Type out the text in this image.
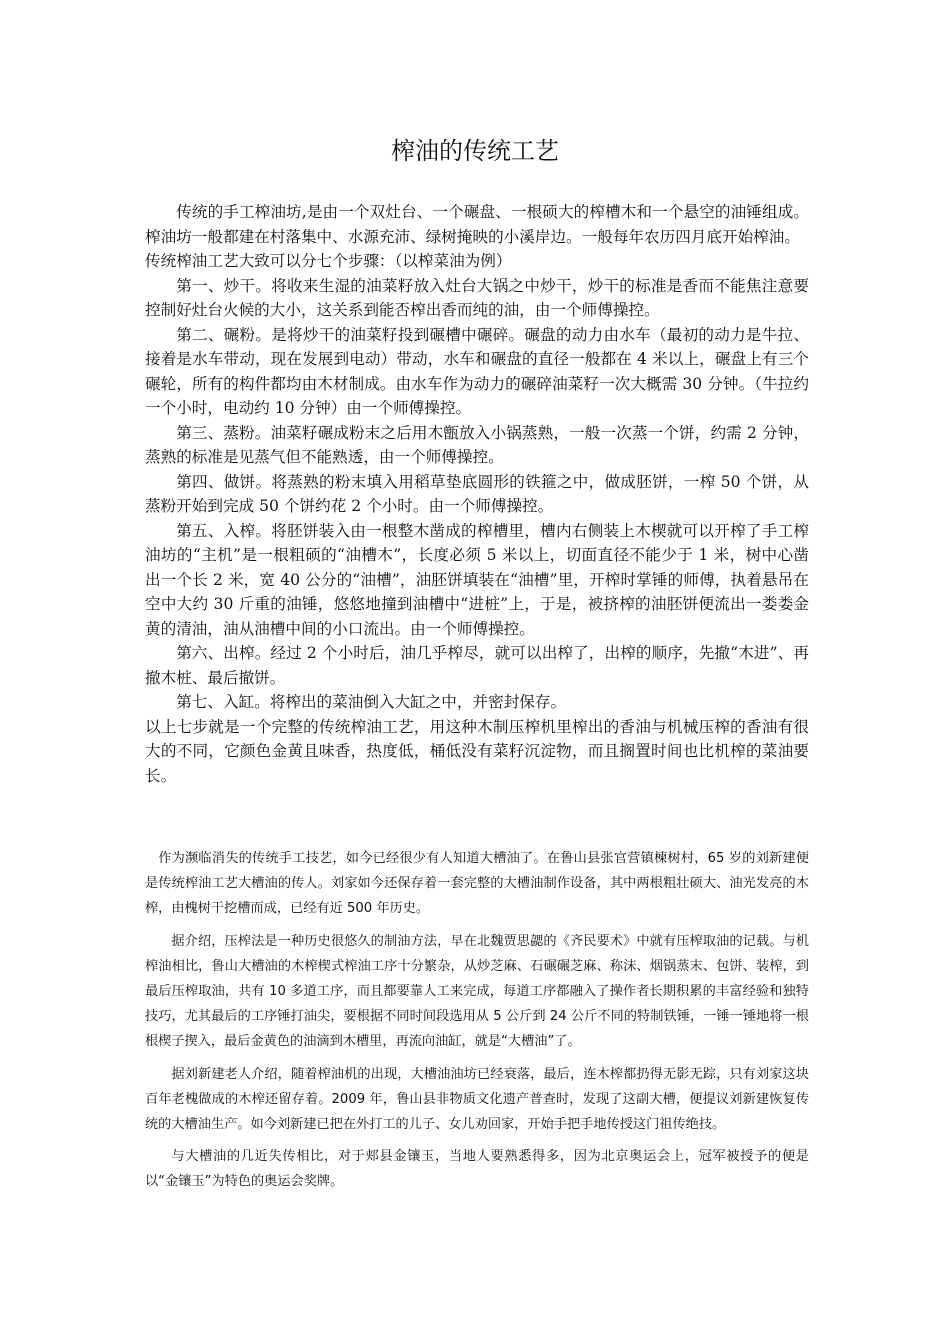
榨油的传统工艺

传统的手工榨油坊,是由一个双灶台、一个碾盘、一根硕大的榨槽木和一个悬空的油锤组成。榨油坊一般都建在村落集中、水源充沛、绿树掩映的小溪岸边。一般每年农历四月底开始榨油。

传统榨油工艺大致可以分七个步骤：（以榨菜油为例）

第一、炒干。将收来生湿的油菜籽放入灶台大锅之中炒干，炒干的标准是香而不能焦注意要控制好灶台火候的大小，这关系到能否榨出香而纯的油，由一个师傅操控。

第二、碾粉。是将炒干的油菜籽投到碾槽中碾碎。碾盘的动力由水车（最初的动力是牛拉、接着是水车带动，现在发展到电动）带动，水车和碾盘的直径一般都在 4 米以上，碾盘上有三个碾轮，所有的构件都均由木材制成。由水车作为动力的碾碎油菜籽一次大概需 30 分钟。（牛拉约一个小时，电动约 10 分钟）由一个师傅操控。

第三、蒸粉。油菜籽碾成粉末之后用木甑放入小锅蒸熟，一般一次蒸一个饼，约需 2 分钟，蒸熟的标准是见蒸气但不能熟透，由一个师傅操控。

第四、做饼。将蒸熟的粉末填入用稻草垫底圆形的铁箍之中，做成胚饼，一榨 50 个饼，从蒸粉开始到完成 50 个饼约花 2 个小时。由一个师傅操控。

第五、入榨。将胚饼装入由一根整木凿成的榨槽里，槽内右侧装上木楔就可以开榨了手工榨油坊的“主机”是一根粗硕的“油槽木”，长度必须 5 米以上，切面直径不能少于 1 米，树中心凿出一个长 2 米，宽 40 公分的“油槽”，油胚饼填装在“油槽”里，开榨时掌锤的师傅，执着悬吊在空中大约 30 斤重的油锤，悠悠地撞到油槽中“进桩”上，于是，被挤榨的油胚饼便流出一娄娄金黄的清油，油从油槽中间的小口流出。由一个师傅操控。

第六、出榨。经过 2 个小时后，油几乎榨尽，就可以出榨了，出榨的顺序，先撤“木进”、再撤木桩、最后撤饼。

第七、入缸。将榨出的菜油倒入大缸之中，并密封保存。

以上七步就是一个完整的传统榨油工艺，用这种木制压榨机里榨出的香油与机械压榨的香油有很大的不同，它颜色金黄且味香，热度低，桶低没有菜籽沉淀物，而且搁置时间也比机榨的菜油要长。

作为濒临消失的传统手工技艺，如今已经很少有人知道大槽油了。在鲁山县张官营镇楝树村，65 岁的刘新建便是传统榨油工艺大槽油的传人。刘家如今还保存着一套完整的大槽油制作设备，其中两根粗壮硕大、油光发亮的木榨，由槐树干挖槽而成，已经有近 500 年历史。

据介绍，压榨法是一种历史很悠久的制油方法，早在北魏贾思勰的《齐民要术》中就有压榨取油的记载。与机榨油相比，鲁山大槽油的木榨楔式榨油工序十分繁杂，从炒芝麻、石碾碾芝麻、称沫、烟锅蒸末、包饼、装榨，到最后压榨取油，共有 10 多道工序，而且都要靠人工来完成，每道工序都融入了操作者长期积累的丰富经验和独特技巧，尤其最后的工序锤打油尖，要根据不同时间段选用从 5 公斤到 24 公斤不同的特制铁锤，一锤一锤地将一根根楔子揳入，最后金黄色的油滴到木槽里，再流向油缸，就是“大槽油”了。

据刘新建老人介绍，随着榨油机的出现，大槽油油坊已经衰落，最后，连木榨都扔得无影无踪，只有刘家这块百年老槐做成的木榨还留存着。2009 年，鲁山县非物质文化遗产普查时，发现了这副大槽，便提议刘新建恢复传统的大槽油生产。如今刘新建已把在外打工的儿子、女儿劝回家，开始手把手地传授这门祖传绝技。

与大槽油的几近失传相比，对于郏县金镶玉，当地人要熟悉得多，因为北京奥运会上，冠军被授予的便是以“金镶玉”为特色的奥运会奖牌。
